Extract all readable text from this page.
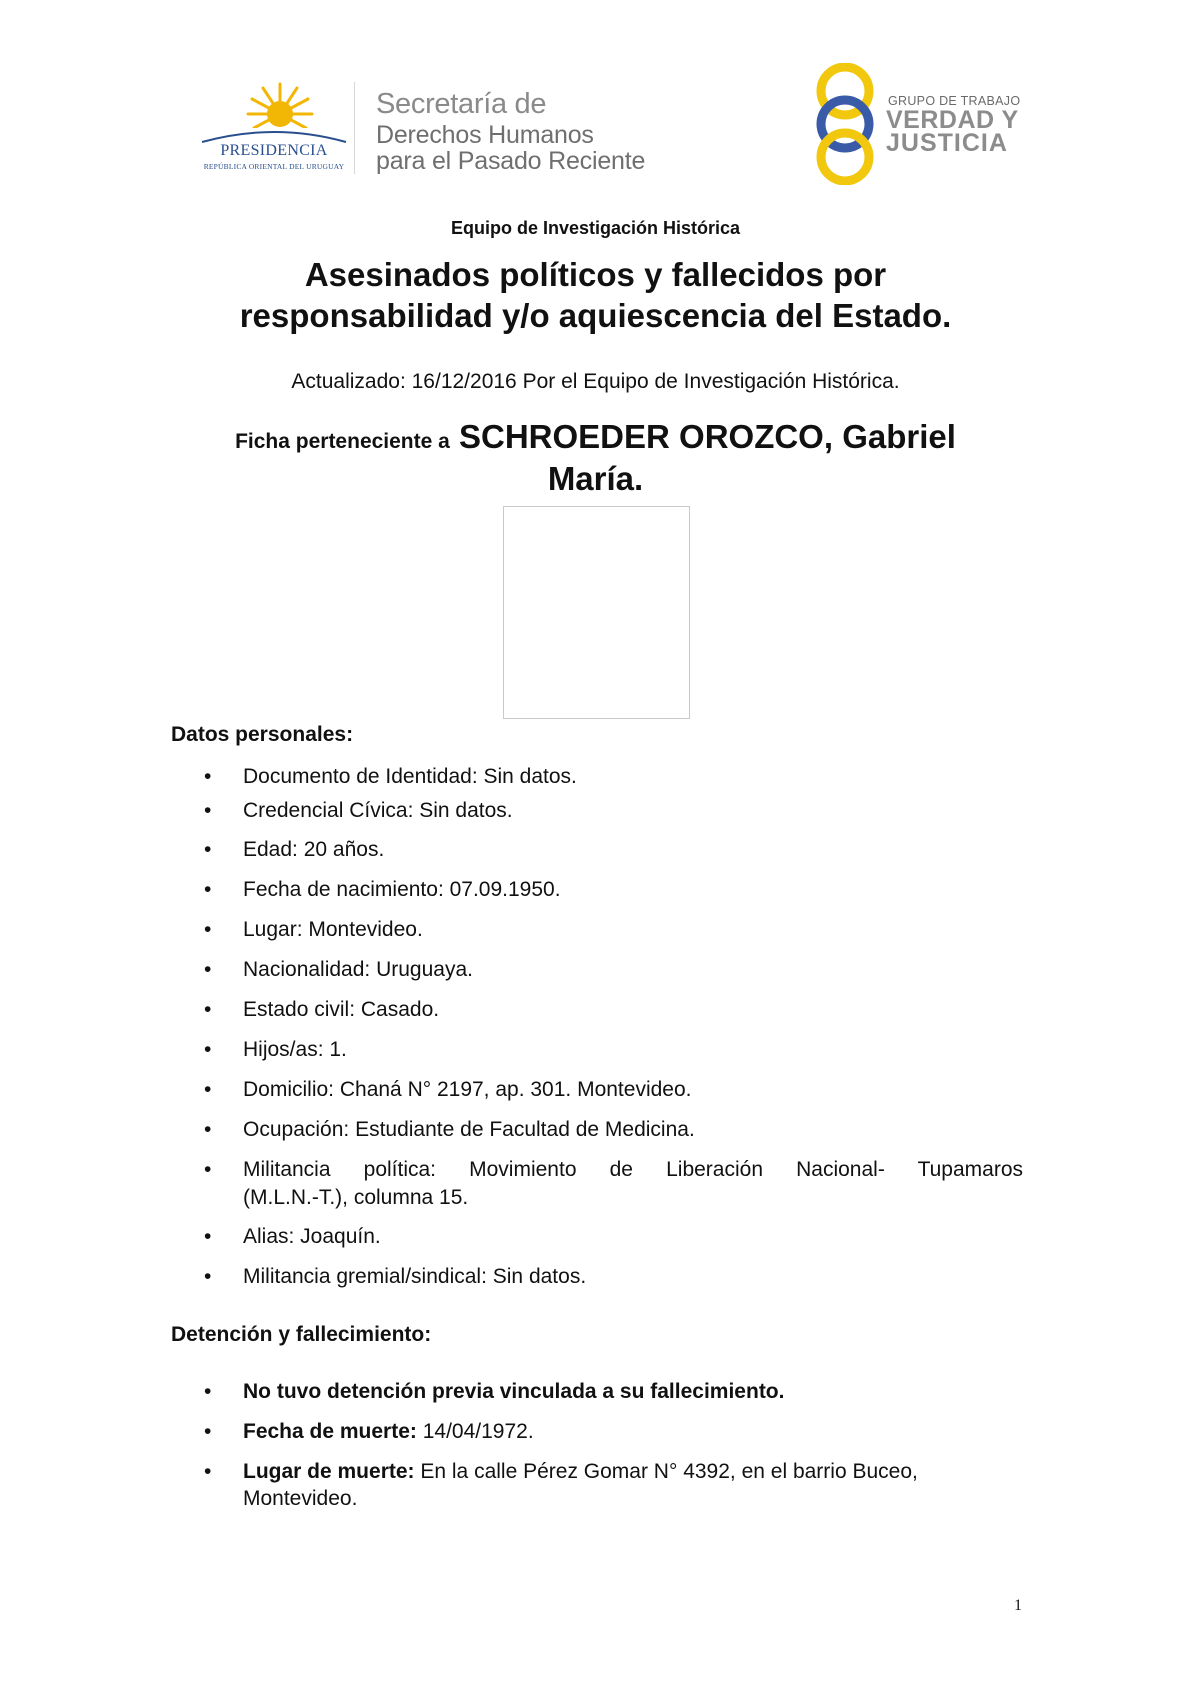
PRESIDENCIA
REPÚBLICA ORIENTAL DEL URUGUAY
Secretaría de
Derechos Humanos
para el Pasado Reciente
GRUPO DE TRABAJO
VERDAD Y
JUSTICIA
Equipo de Investigación Histórica
Asesinados políticos y fallecidos por
responsabilidad y/o aquiescencia del Estado.
Actualizado: 16/12/2016 Por el Equipo de Investigación Histórica.
Ficha perteneciente a SCHROEDER OROZCO, Gabriel
María.
Datos personales:
• Documento de Identidad: Sin datos.
• Credencial Cívica: Sin datos.
• Edad: 20 años.
• Fecha de nacimiento: 07.09.1950.
• Lugar: Montevideo.
• Nacionalidad: Uruguaya.
• Estado civil: Casado.
• Hijos/as: 1.
• Domicilio: Chaná N° 2197, ap. 301. Montevideo.
• Ocupación: Estudiante de Facultad de Medicina.
• Militancia política: Movimiento de Liberación Nacional- Tupamaros
(M.L.N.-T.), columna 15.
• Alias: Joaquín.
• Militancia gremial/sindical: Sin datos.
Detención y fallecimiento:
• No tuvo detención previa vinculada a su fallecimiento.
• Fecha de muerte: 14/04/1972.
• Lugar de muerte: En la calle Pérez Gomar N° 4392, en el barrio Buceo,
Montevideo.
1
